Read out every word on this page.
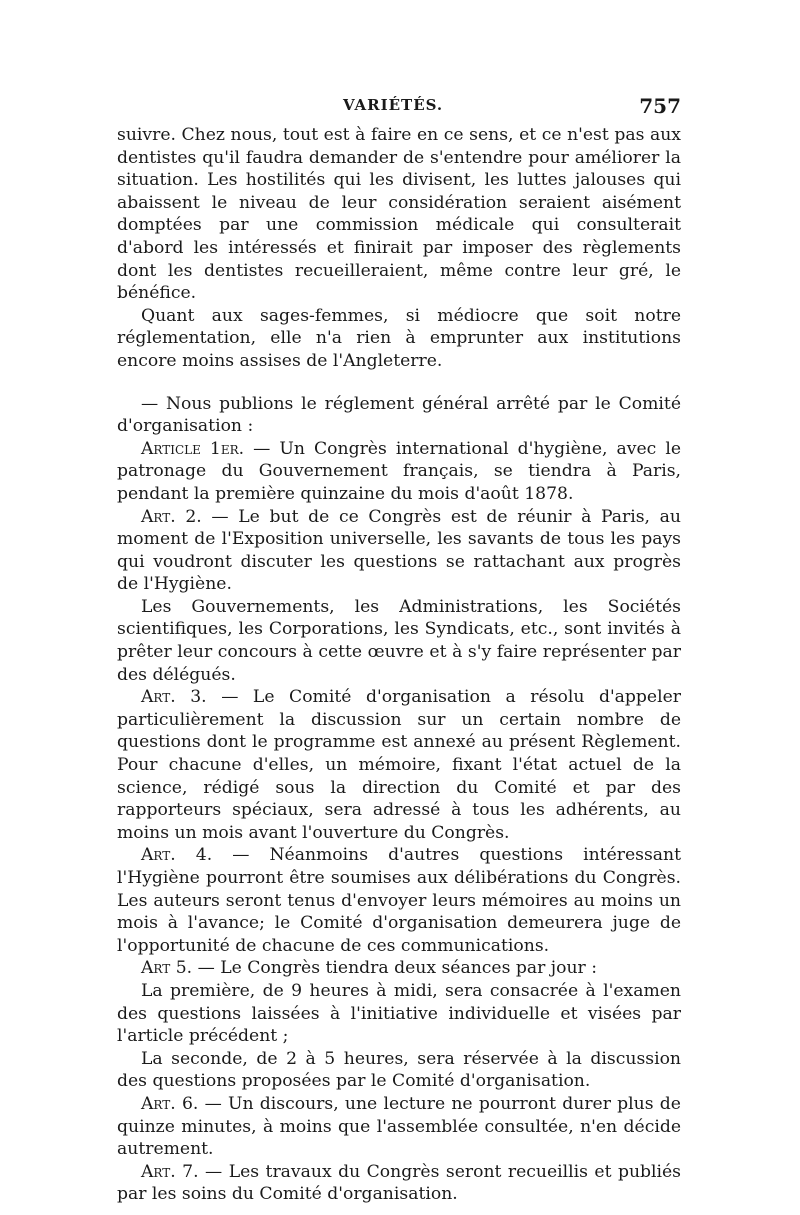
VARIÉTÉS.	757

suivre. Chez nous, tout est à faire en ce sens, et ce n'est pas aux dentistes qu'il faudra demander de s'entendre pour améliorer la situation. Les hostilités qui les divisent, les luttes jalouses qui abaissent le niveau de leur considération seraient aisément domptées par une commission médicale qui consulterait d'abord les intéressés et finirait par imposer des règlements dont les dentistes recueilleraient, même contre leur gré, le bénéfice.

Quant aux sages-femmes, si médiocre que soit notre réglementation, elle n'a rien à emprunter aux institutions encore moins assises de l'Angleterre.

— Nous publions le réglement général arrêté par le Comité d'organisation :

Article 1er. — Un Congrès international d'hygiène, avec le patronage du Gouvernement français, se tiendra à Paris, pendant la première quinzaine du mois d'août 1878.

Art. 2. — Le but de ce Congrès est de réunir à Paris, au moment de l'Exposition universelle, les savants de tous les pays qui voudront discuter les questions se rattachant aux progrès de l'Hygiène.

Les Gouvernements, les Administrations, les Sociétés scientifiques, les Corporations, les Syndicats, etc., sont invités à prêter leur concours à cette œuvre et à s'y faire représenter par des délégués.

Art. 3. — Le Comité d'organisation a résolu d'appeler particulièrement la discussion sur un certain nombre de questions dont le programme est annexé au présent Règlement. Pour chacune d'elles, un mémoire, fixant l'état actuel de la science, rédigé sous la direction du Comité et par des rapporteurs spéciaux, sera adressé à tous les adhérents, au moins un mois avant l'ouverture du Congrès.

Art. 4. — Néanmoins d'autres questions intéressant l'Hygiène pourront être soumises aux délibérations du Congrès. Les auteurs seront tenus d'envoyer leurs mémoires au moins un mois à l'avance; le Comité d'organisation demeurera juge de l'opportunité de chacune de ces communications.

Art 5. — Le Congrès tiendra deux séances par jour :

La première, de 9 heures à midi, sera consacrée à l'examen des questions laissées à l'initiative individuelle et visées par l'article précédent ;

La seconde, de 2 à 5 heures, sera réservée à la discussion des questions proposées par le Comité d'organisation.

Art. 6. — Un discours, une lecture ne pourront durer plus de quinze minutes, à moins que l'assemblée consultée, n'en décide autrement.

Art. 7. — Les travaux du Congrès seront recueillis et publiés par les soins du Comité d'organisation.
